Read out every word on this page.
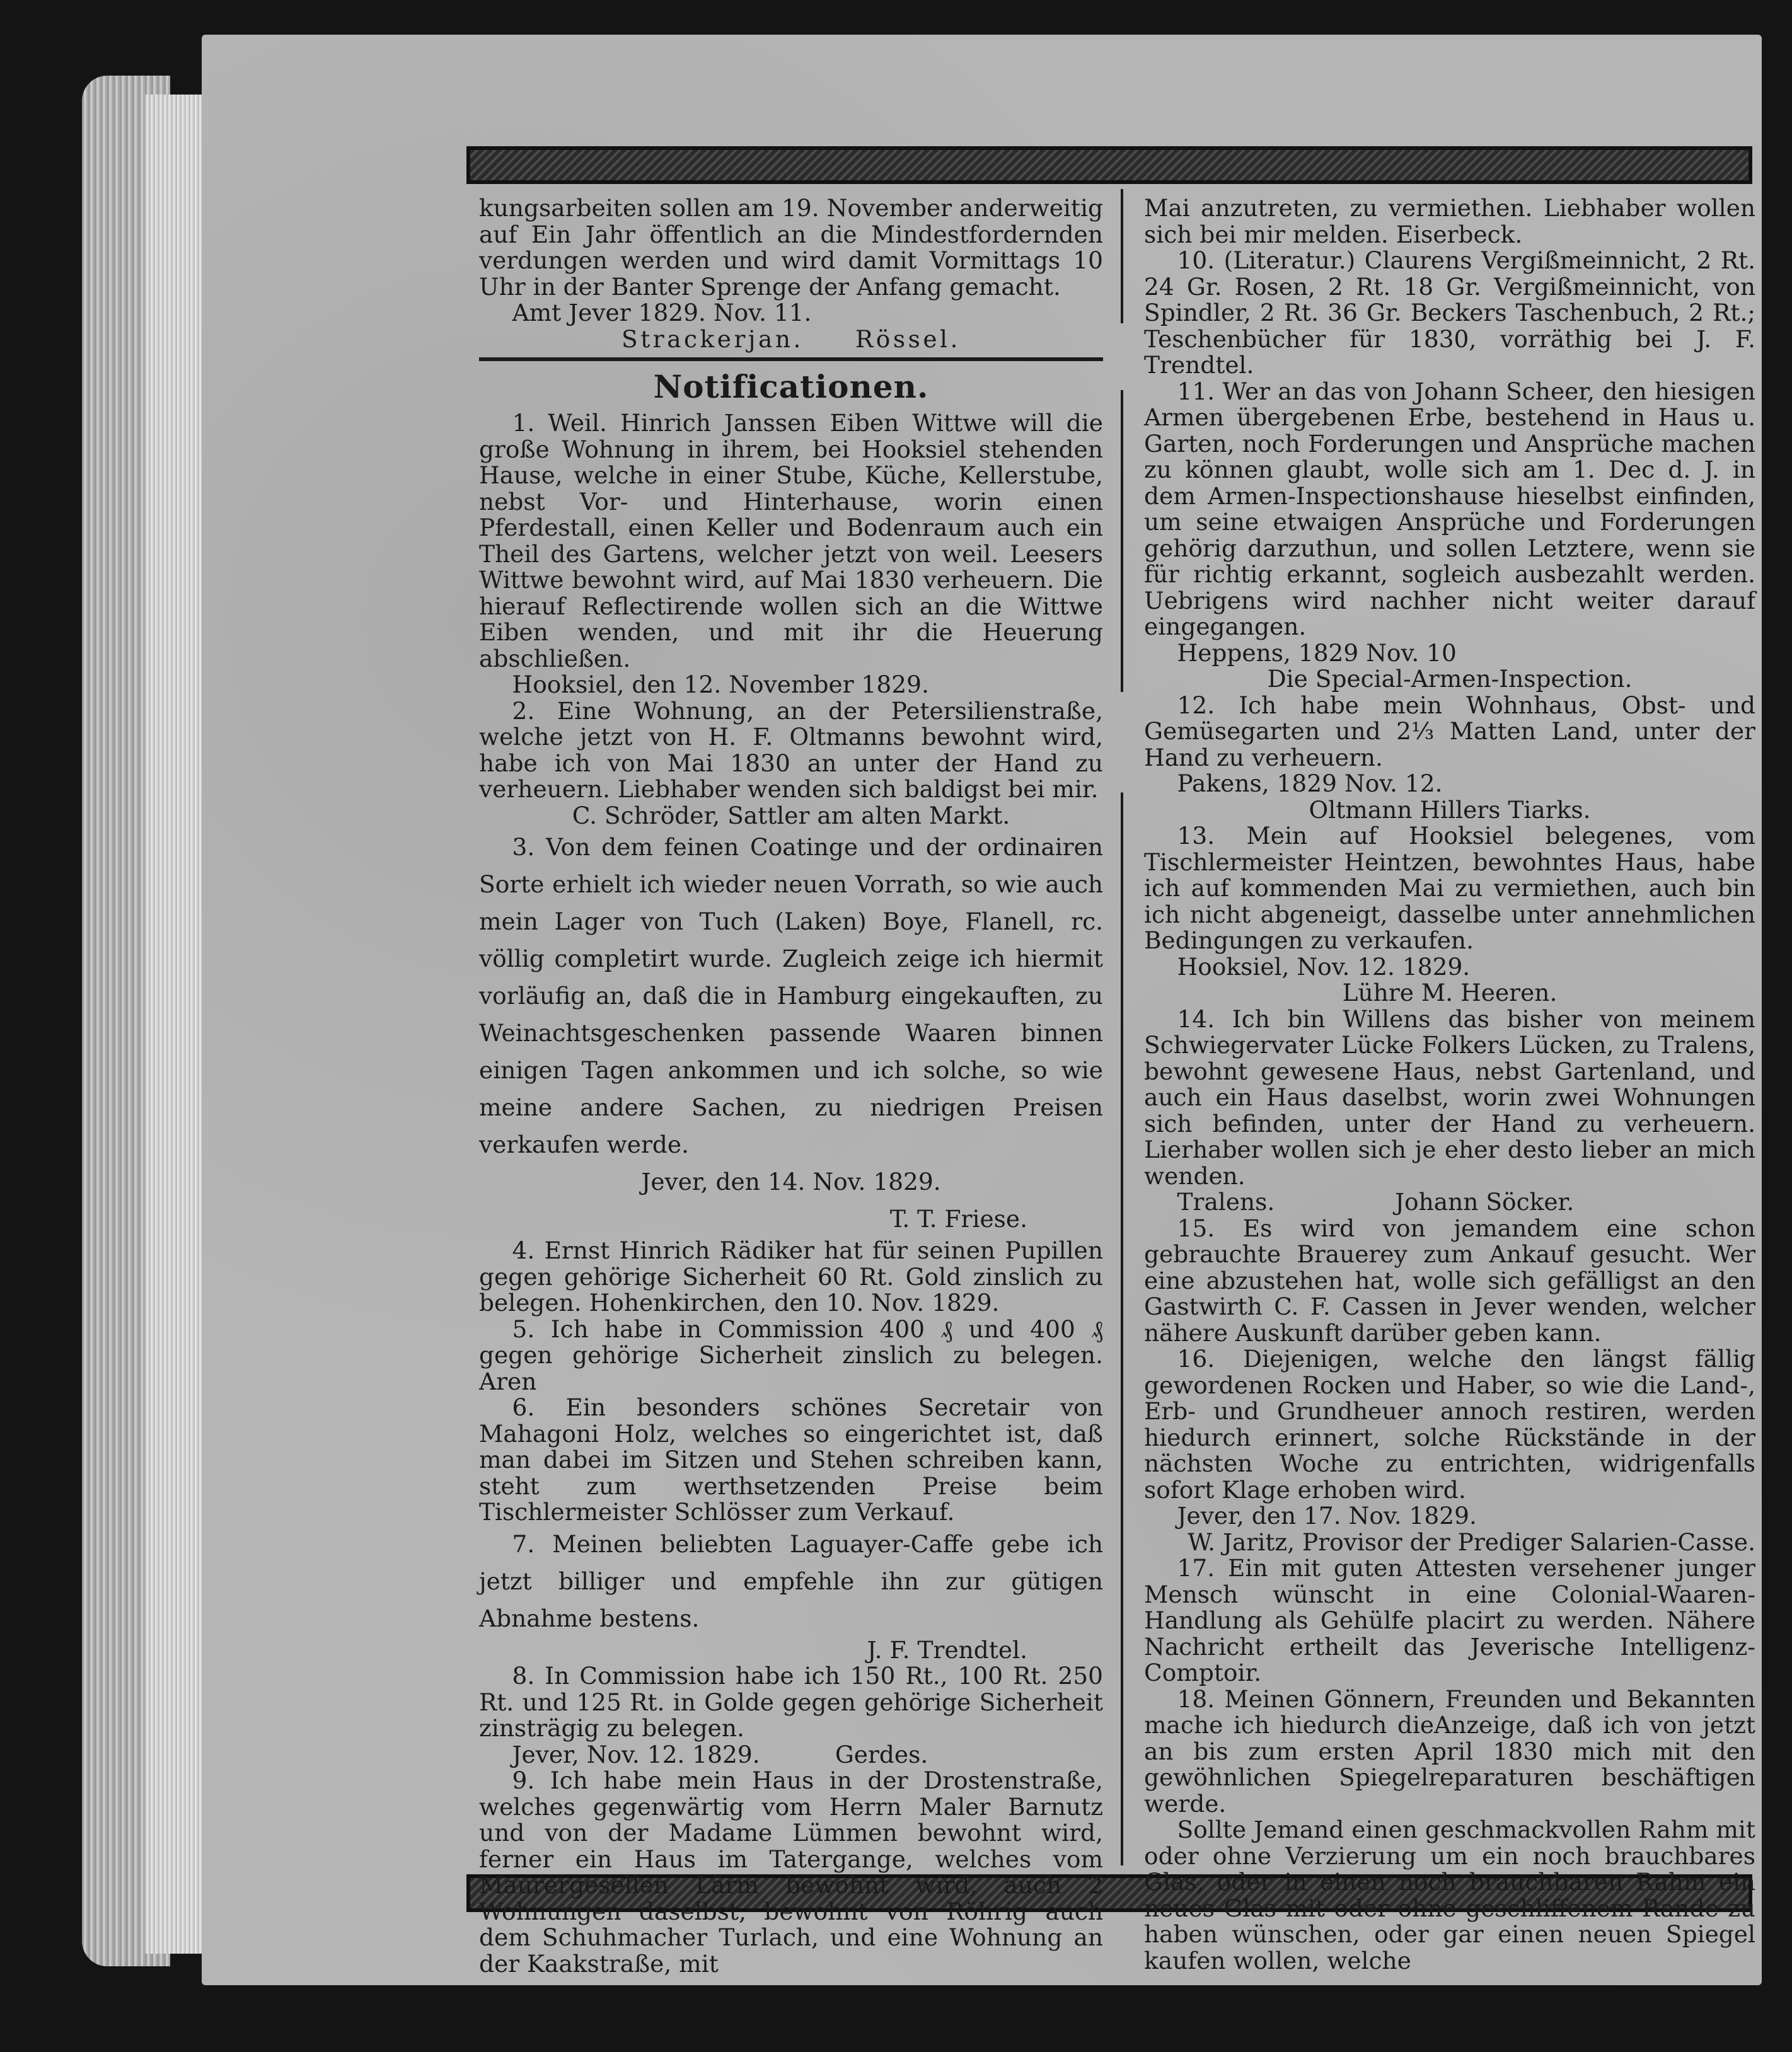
kungsarbeiten sollen am 19. November anderweitig auf Ein Jahr öffentlich an die Mindestfordernden verdungen werden und wird damit Vormittags 10 Uhr in der Banter Sprenge der Anfang gemacht.

Amt Jever 1829. Nov. 11.

Strackerjan.     Rössel.

Notificationen.

1. Weil. Hinrich Janssen Eiben Wittwe will die große Wohnung in ihrem, bei Hooksiel stehenden Hause, welche in einer Stube, Küche, Kellerstube, nebst Vor- und Hinterhause, worin einen Pferdestall, einen Keller und Bodenraum auch ein Theil des Gartens, welcher jetzt von weil. Leesers Wittwe bewohnt wird, auf Mai 1830 verheuern. Die hierauf Reflectirende wollen sich an die Wittwe Eiben wenden, und mit ihr die Heuerung abschließen.

Hooksiel, den 12. November 1829.

2. Eine Wohnung, an der Petersilienstraße, welche jetzt von H. F. Oltmanns bewohnt wird, habe ich von Mai 1830 an unter der Hand zu verheuern. Liebhaber wenden sich baldigst bei mir.

C. Schröder, Sattler am alten Markt.

3. Von dem feinen Coatinge und der ordinairen Sorte erhielt ich wieder neuen Vorrath, so wie auch mein Lager von Tuch (Laken) Boye, Flanell, rc. völlig completirt wurde. Zugleich zeige ich hiermit vorläufig an, daß die in Hamburg eingekauften, zu Weinachtsgeschenken passende Waaren binnen einigen Tagen ankommen und ich solche, so wie meine andere Sachen, zu niedrigen Preisen verkaufen werde.

Jever, den 14. Nov. 1829.

T. T. Friese.

4. Ernst Hinrich Rädiker hat für seinen Pupillen gegen gehörige Sicherheit 60 Rt. Gold zinslich zu belegen. Hohenkirchen, den 10. Nov. 1829.

5. Ich habe in Commission 400 ₰ und 400 ₰ gegen gehörige Sicherheit zinslich zu belegen. Aren

6. Ein besonders schönes Secretair von Mahagoni Holz, welches so eingerichtet ist, daß man dabei im Sitzen und Stehen schreiben kann, steht zum werthsetzenden Preise beim Tischlermeister Schlösser zum Verkauf.

7. Meinen beliebten Laguayer-Caffe gebe ich jetzt billiger und empfehle ihn zur gütigen Abnahme bestens.

J. F. Trendtel.

8. In Commission habe ich 150 Rt., 100 Rt. 250 Rt. und 125 Rt. in Golde gegen gehörige Sicherheit zinsträgig zu belegen.

Jever, Nov. 12. 1829.          Gerdes.

9. Ich habe mein Haus in der Drostenstraße, welches gegenwärtig vom Herrn Maler Barnutz und von der Madame Lümmen bewohnt wird, ferner ein Haus im Tatergange, welches vom Maurergesellen Lärm bewohnt wird, auch 2 Wohnungen daselbst, bewohnt von Röhrig auch dem Schuhmacher Turlach, und eine Wohnung an der Kaakstraße, mit

Mai anzutreten, zu vermiethen. Liebhaber wollen sich bei mir melden. Eiserbeck.

10. (Literatur.) Claurens Vergißmeinnicht, 2 Rt. 24 Gr. Rosen, 2 Rt. 18 Gr. Vergißmeinnicht, von Spindler, 2 Rt. 36 Gr. Beckers Taschenbuch, 2 Rt.; Teschenbücher für 1830, vorräthig bei J. F. Trendtel.

11. Wer an das von Johann Scheer, den hiesigen Armen übergebenen Erbe, bestehend in Haus u. Garten, noch Forderungen und Ansprüche machen zu können glaubt, wolle sich am 1. Dec d. J. in dem Armen-Inspectionshause hieselbst einfinden, um seine etwaigen Ansprüche und Forderungen gehörig darzuthun, und sollen Letztere, wenn sie für richtig erkannt, sogleich ausbezahlt werden. Uebrigens wird nachher nicht weiter darauf eingegangen.

Heppens, 1829 Nov. 10

Die Special-Armen-Inspection.

12. Ich habe mein Wohnhaus, Obst- und Gemüsegarten und 2⅓ Matten Land, unter der Hand zu verheuern.

Pakens, 1829 Nov. 12.

Oltmann Hillers Tiarks.

13. Mein auf Hooksiel belegenes, vom Tischlermeister Heintzen, bewohntes Haus, habe ich auf kommenden Mai zu vermiethen, auch bin ich nicht abgeneigt, dasselbe unter annehmlichen Bedingungen zu verkaufen.

Hooksiel, Nov. 12. 1829.

Lühre M. Heeren.

14. Ich bin Willens das bisher von meinem Schwiegervater Lücke Folkers Lücken, zu Tralens, bewohnt gewesene Haus, nebst Gartenland, und auch ein Haus daselbst, worin zwei Wohnungen sich befinden, unter der Hand zu verheuern. Lierhaber wollen sich je eher desto lieber an mich wenden.

Tralens.                Johann Söcker.

15. Es wird von jemandem eine schon gebrauchte Brauerey zum Ankauf gesucht. Wer eine abzustehen hat, wolle sich gefälligst an den Gastwirth C. F. Cassen in Jever wenden, welcher nähere Auskunft darüber geben kann.

16. Diejenigen, welche den längst fällig gewordenen Rocken und Haber, so wie die Land-, Erb- und Grundheuer annoch restiren, werden hiedurch erinnert, solche Rückstände in der nächsten Woche zu entrichten, widrigenfalls sofort Klage erhoben wird.

Jever, den 17. Nov. 1829.

W. Jaritz, Provisor der Prediger Salarien-Casse.

17. Ein mit guten Attesten versehener junger Mensch wünscht in eine Colonial-Waaren-Handlung als Gehülfe placirt zu werden. Nähere Nachricht ertheilt das Jeverische Intelligenz-Comptoir.

18. Meinen Gönnern, Freunden und Bekannten mache ich hiedurch dieAnzeige, daß ich von jetzt an bis zum ersten April 1830 mich mit den gewöhnlichen Spiegelreparaturen beschäftigen werde.

Sollte Jemand einen geschmackvollen Rahm mit oder ohne Verzierung um ein noch brauchbares Glas, oder in einen noch brauchbaren Rahm ein neues Glas mit oder ohne geschliffenem Rande zu haben wünschen, oder gar einen neuen Spiegel kaufen wollen, welche
